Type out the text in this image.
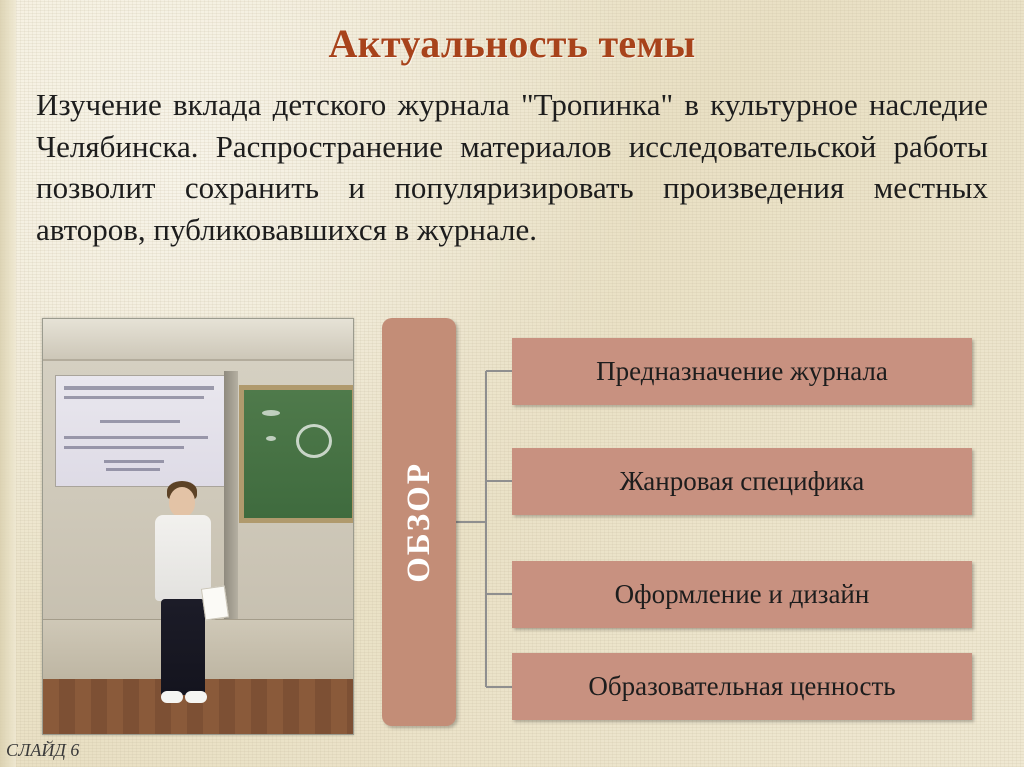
Актуальность темы
Изучение вклада детского журнала "Тропинка" в культурное наследие Челябинска. Распространение материалов исследовательской работы позволит сохранить и популяризировать произведения местных авторов, публиковавшихся в журнале.
ОБЗОР
Предназначение журнала
Жанровая специфика
Оформление и дизайн
Образовательная ценность
СЛАЙД 6
